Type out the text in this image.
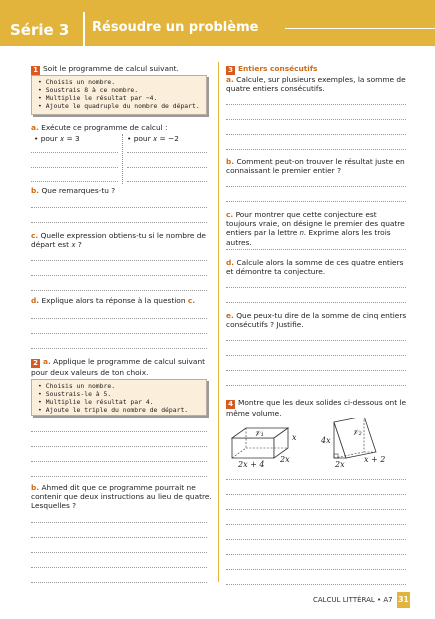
Série 3 Résoudre un problème
1 Soit le programme de calcul suivant.
• Choisis un nombre.
• Soustrais 8 à ce nombre.
• Multiplie le résultat par −4.
• Ajoute le quadruple du nombre de départ.
a. Exécute ce programme de calcul :
• pour 𝑥 = 3	• pour 𝑥 = −2
b. Que remarques-tu ?
c. Quelle expression obtiens-tu si le nombre de départ est 𝑥 ?
d. Explique alors ta réponse à la question c.
2 a. Applique le programme de calcul suivant pour deux valeurs de ton choix.
• Choisis un nombre.
• Soustrais-le à 5.
• Multiplie le résultat par 4.
• Ajoute le triple du nombre de départ.
b. Ahmed dit que ce programme pourrait ne contenir que deux instructions au lieu de quatre. Lesquelles ?
3 Entiers consécutifs
a. Calcule, sur plusieurs exemples, la somme de quatre entiers consécutifs.
b. Comment peut-on trouver le résultat juste en connaissant le premier entier ?
c. Pour montrer que cette conjecture est toujours vraie, on désigne le premier des quatre entiers par la lettre 𝑛. Exprime alors les trois autres.
d. Calcule alors la somme de ces quatre entiers et démontre ta conjecture.
e. Que peux-tu dire de la somme de cinq entiers consécutifs ? Justifie.
4 Montre que les deux solides ci-dessous ont le même volume.
𝒱₁	x
2x + 4
2x
𝒱₂
4x
2x
x + 2
CALCUL LITTÉRAL • A7 31
